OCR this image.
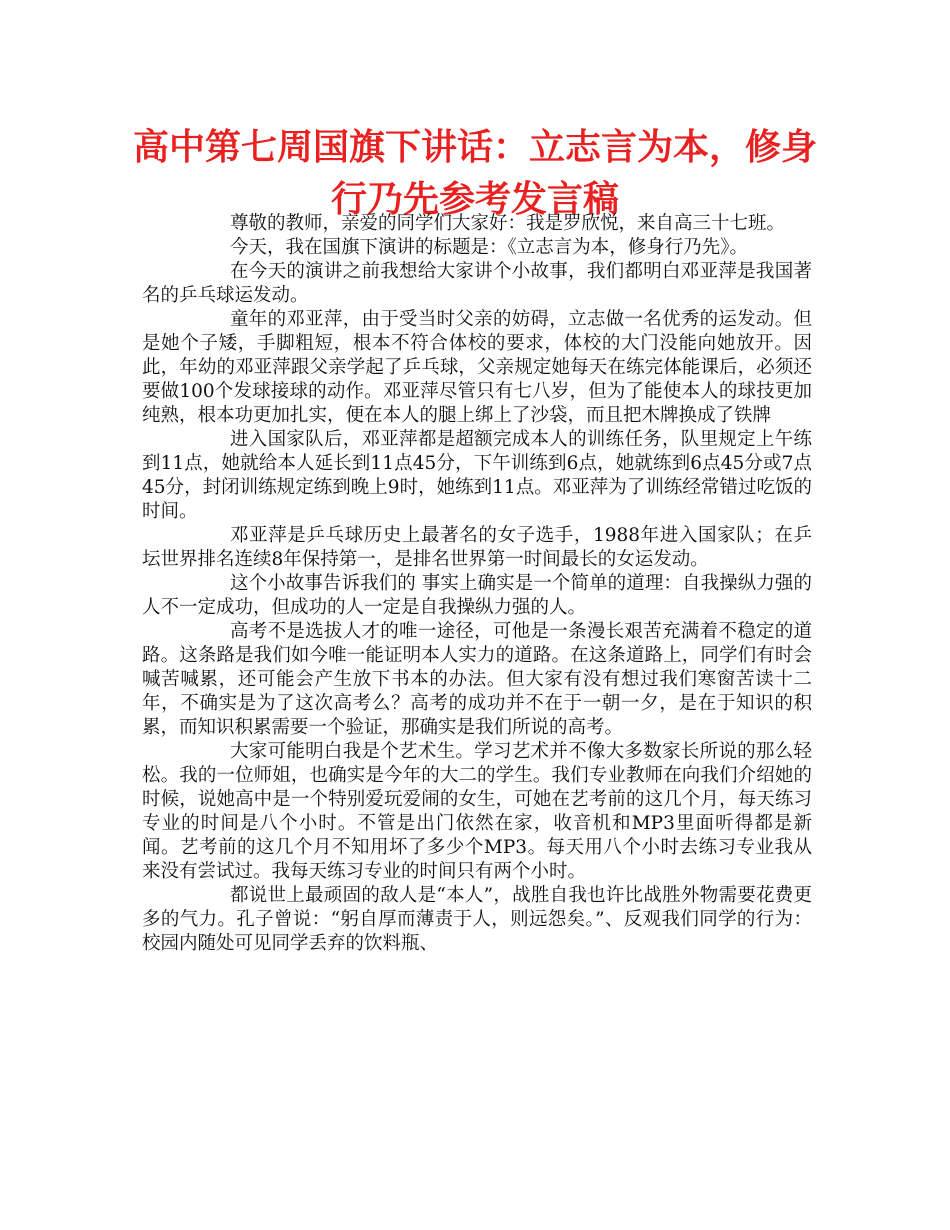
高中第七周国旗下讲话：立志言为本，修身行乃先参考发言稿

尊敬的教师，亲爱的同学们大家好：我是罗欣悦，来自高三十七班。

今天，我在国旗下演讲的标题是：《立志言为本，修身行乃先》。

在今天的演讲之前我想给大家讲个小故事，我们都明白邓亚萍是我国著名的乒乓球运发动。

童年的邓亚萍，由于受当时父亲的妨碍，立志做一名优秀的运发动。但是她个子矮，手脚粗短，根本不符合体校的要求，体校的大门没能向她放开。因此，年幼的邓亚萍跟父亲学起了乒乓球，父亲规定她每天在练完体能课后，必须还要做100个发球接球的动作。邓亚萍尽管只有七八岁，但为了能使本人的球技更加纯熟，根本功更加扎实，便在本人的腿上绑上了沙袋，而且把木牌换成了铁牌

进入国家队后，邓亚萍都是超额完成本人的训练任务，队里规定上午练到11点，她就给本人延长到11点45分，下午训练到6点，她就练到6点45分或7点45分，封闭训练规定练到晚上9时，她练到11点。邓亚萍为了训练经常错过吃饭的时间。

邓亚萍是乒乓球历史上最著名的女子选手，1988年进入国家队；在乒坛世界排名连续8年保持第一，是排名世界第一时间最长的女运发动。

这个小故事告诉我们的 事实上确实是一个简单的道理：自我操纵力强的人不一定成功，但成功的人一定是自我操纵力强的人。

高考不是选拔人才的唯一途径，可他是一条漫长艰苦充满着不稳定的道路。这条路是我们如今唯一能证明本人实力的道路。在这条道路上，同学们有时会喊苦喊累，还可能会产生放下书本的办法。但大家有没有想过我们寒窗苦读十二年，不确实是为了这次高考么？高考的成功并不在于一朝一夕，是在于知识的积累，而知识积累需要一个验证，那确实是我们所说的高考。

大家可能明白我是个艺术生。学习艺术并不像大多数家长所说的那么轻松。我的一位师姐，也确实是今年的大二的学生。我们专业教师在向我们介绍她的时候，说她高中是一个特别爱玩爱闹的女生，可她在艺考前的这几个月，每天练习专业的时间是八个小时。不管是出门依然在家，收音机和MP3里面听得都是新闻。艺考前的这几个月不知用坏了多少个MP3。每天用八个小时去练习专业我从来没有尝试过。我每天练习专业的时间只有两个小时。

都说世上最顽固的敌人是“本人”，战胜自我也许比战胜外物需要花费更多的气力。孔子曾说：“躬自厚而薄责于人，则远怨矣。”、反观我们同学的行为：校园内随处可见同学丢弃的饮料瓶、
